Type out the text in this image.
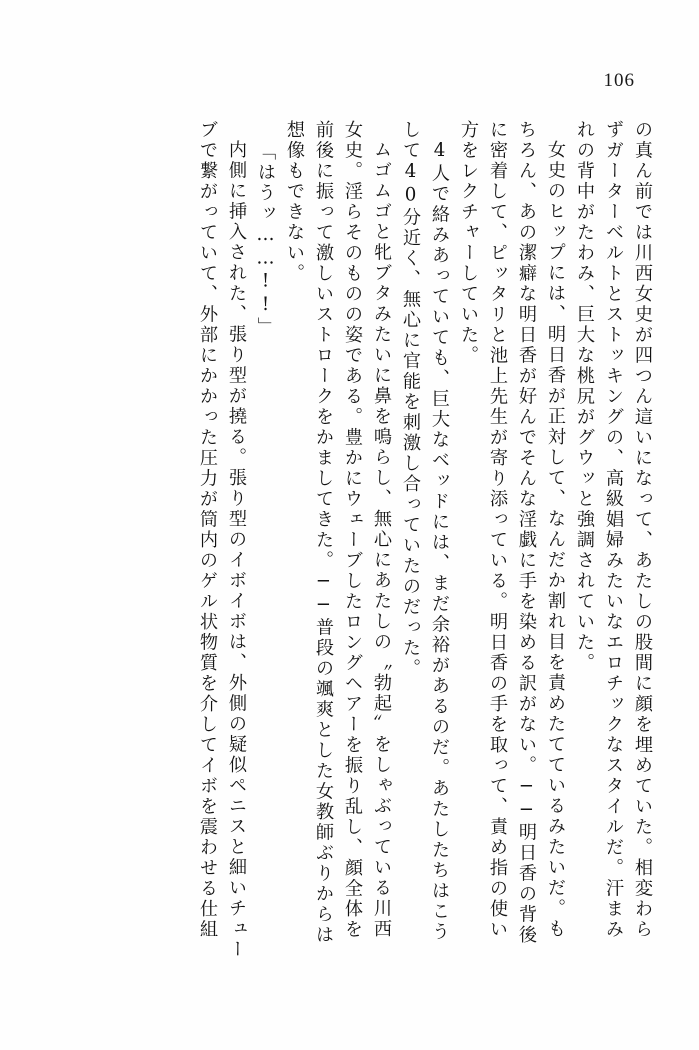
106
の真ん前では川西女史が四つん這いになって、あたしの股間に顔を埋めていた。相変わら
ずガーターベルトとストッキングの、高級娼婦みたいなエロチックなスタイルだ。汗まみ
れの背中がたわみ、巨大な桃尻がグウッと強調されていた。
女史のヒップには、明日香が正対して、なんだか割れ目を責めたてているみたいだ。も
ちろん、あの潔癖な明日香が好んでそんな淫戯に手を染める訳がない。──明日香の背後
に密着して、ピッタリと池上先生が寄り添っている。明日香の手を取って、責め指の使い
方をレクチャーしていた。
4人で絡みあっていても、巨大なベッドには、まだ余裕があるのだ。あたしたちはこう
して40分近く、無心に官能を刺激し合っていたのだった。
ムゴムゴと牝ブタみたいに鼻を鳴らし、無心にあたしの〝勃起〟をしゃぶっている川西
女史。淫らそのものの姿である。豊かにウェーブしたロングヘアーを振り乱し、顔全体を
前後に振って激しいストロークをかましてきた。──普段の颯爽とした女教師ぶりからは
想像もできない。
「はうッ……!!」
内側に挿入された、張り型が撓る。張り型のイボイボは、外側の疑似ペニスと細いチュー
ブで繋がっていて、外部にかかった圧力が筒内のゲル状物質を介してイボを震わせる仕組
